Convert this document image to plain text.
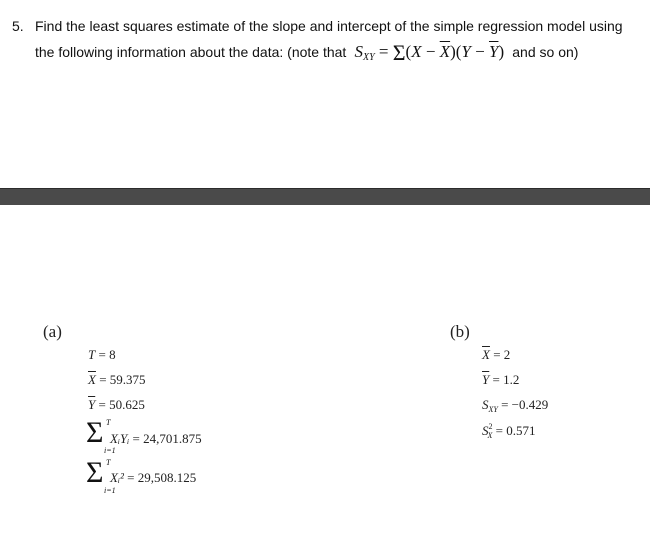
5. Find the least squares estimate of the slope and intercept of the simple regression model using
the following information about the data: (note that  $S_{XY} = \Sigma(X - \overline{X})(Y - \overline{Y})$ and so on)
(a)
T = 8
$\overline{X} = 59.375$
$\overline{Y} = 50.625$
Σ T
i=1
XᵢYᵢ = 24,701.875
Σ T
i=1
Xᵢ² = 29,508.125
(b)
$\overline{X} = 2$
$\overline{Y} = 1.2$
$S_{XY} = -0.429$
$S^2_X = 0.571$
